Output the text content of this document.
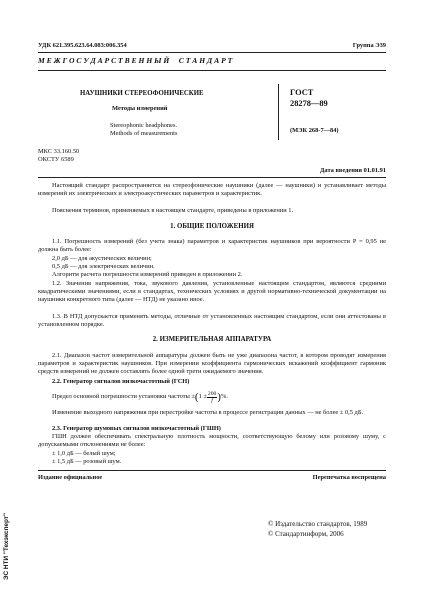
УДК 621.395.623.64.083:006.354	Группа Э39
М Е Ж Г О С У Д А Р С Т В Е Н Н Ы Й     С Т А Н Д А Р Т
НАУШНИКИ СТЕРЕОФОНИЧЕСКИЕ
Методы измерений
Stereophonic headphones.
Methods of measurements
ГОСТ
28278—89
(МЭК 268-7—84)
МКС 33.160.50
ОКСТУ 6589
Дата введения 01.01.91
Настоящий стандарт распространяется на стереофонические наушники (далее — наушники) и устанавливает методы измерений их электрических и электроакустических параметров и характеристик.
Пояснения терминов, применяемых в настоящем стандарте, приведены в приложении 1.
1. ОБЩИЕ ПОЛОЖЕНИЯ
1.1. Погрешность измерений (без учета знака) параметров и характеристик наушников при вероятности P = 0,95 не должна быть более:
2,0 дБ — для акустических величин;
0,5 дБ — для электрических величин.
Алгоритм расчета погрешности измерений приведен в приложении 2.
1.2. Значения напряжения, тока, звукового давления, установленные настоящим стандартом, являются средними квадратическими значениями, если в стандартах, технических условиях и другой нормативно-технической документации на наушники конкретного типа (далее — НТД) не указано иное.
1.3. В НТД допускается применять методы, отличные от установленных настоящим стандартом, если они аттестованы в установленном порядке.
2. ИЗМЕРИТЕЛЬНАЯ АППАРАТУРА
2.1. Диапазон частот измерительной аппаратуры должен быть не уже диапазона частот, в котором проводят измерения параметров и характеристик наушников. При измерении коэффициента гармонических искажений коэффициент гармоник средств измерений не должен составлять более одной трети ожидаемого значения.
2.2. Генератор сигналов низкочастотный (ГСН)
Предел основной погрешности установки частоты ± ( $1 \pm \frac{200}{f}$ ) %.
Изменение выходного напряжения при перестройке частоты в процессе регистрации данных — не более ± 0,5 дБ.
2.3. Генератор шумовых сигналов низкочастотный (ГШН)
ГШН должен обеспечивать спектральную плотность мощности, соответствующую белому или розовому шуму, с допускаемыми отклонениями не более:
± 1,0 дБ — белый шум;
± 1,5 дБ — розовый шум.
Издание официальное	Перепечатка воспрещена
© Издательство стандартов, 1989
© Стандартинформ, 2006
ЭС НТИ "Техэксперт"
